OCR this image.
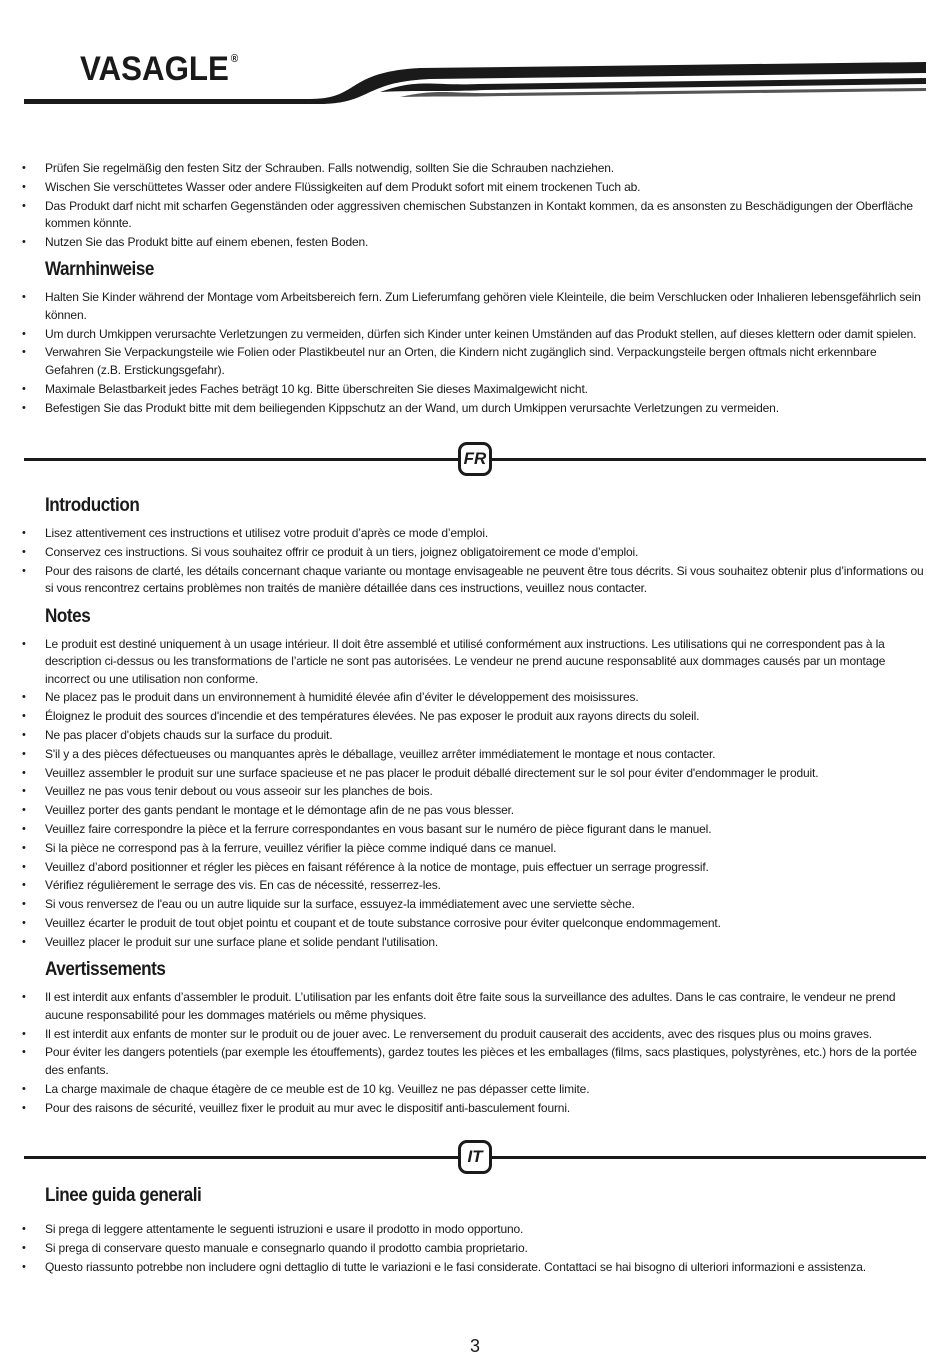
VASAGLE ®
• Prüfen Sie regelmäßig den festen Sitz der Schrauben. Falls notwendig, sollten Sie die Schrauben nachziehen.
• Wischen Sie verschüttetes Wasser oder andere Flüssigkeiten auf dem Produkt sofort mit einem trockenen Tuch ab.
• Das Produkt darf nicht mit scharfen Gegenständen oder aggressiven chemischen Substanzen in Kontakt kommen, da es ansonsten zu Beschädigungen der Oberfläche kommen könnte.
• Nutzen Sie das Produkt bitte auf einem ebenen, festen Boden.
Warnhinweise
• Halten Sie Kinder während der Montage vom Arbeitsbereich fern. Zum Lieferumfang gehören viele Kleinteile, die beim Verschlucken oder Inhalieren lebensgefährlich sein können.
• Um durch Umkippen verursachte Verletzungen zu vermeiden, dürfen sich Kinder unter keinen Umständen auf das Produkt stellen, auf dieses klettern oder damit spielen.
• Verwahren Sie Verpackungsteile wie Folien oder Plastikbeutel nur an Orten, die Kindern nicht zugänglich sind. Verpackungsteile bergen oftmals nicht erkennbare Gefahren (z.B. Erstickungsgefahr).
• Maximale Belastbarkeit jedes Faches beträgt 10 kg. Bitte überschreiten Sie dieses Maximalgewicht nicht.
• Befestigen Sie das Produkt bitte mit dem beiliegenden Kippschutz an der Wand, um durch Umkippen verursachte Verletzungen zu vermeiden.
FR
Introduction
• Lisez attentivement ces instructions et utilisez votre produit d’après ce mode d’emploi.
• Conservez ces instructions. Si vous souhaitez offrir ce produit à un tiers, joignez obligatoirement ce mode d’emploi.
• Pour des raisons de clarté, les détails concernant chaque variante ou montage envisageable ne peuvent être tous décrits. Si vous souhaitez obtenir plus d’informations ou si vous rencontrez certains problèmes non traités de manière détaillée dans ces instructions, veuillez nous contacter.
Notes
• Le produit est destiné uniquement à un usage intérieur. Il doit être assemblé et utilisé conformément aux instructions. Les utilisations qui ne correspondent pas à la description ci-dessus ou les transformations de l’article ne sont pas autorisées. Le vendeur ne prend aucune responsablité aux dommages causés par un montage incorrect ou une utilisation non conforme.
• Ne placez pas le produit dans un environnement à humidité élevée afin d’éviter le développement des moisissures.
• Éloignez le produit des sources d'incendie et des températures élevées. Ne pas exposer le produit aux rayons directs du soleil.
• Ne pas placer d'objets chauds sur la surface du produit.
• S'il y a des pièces défectueuses ou manquantes après le déballage, veuillez arrêter immédiatement le montage et nous contacter.
• Veuillez assembler le produit sur une surface spacieuse et ne pas placer le produit déballé directement sur le sol pour éviter d'endommager le produit.
• Veuillez ne pas vous tenir debout ou vous asseoir sur les planches de bois.
• Veuillez porter des gants pendant le montage et le démontage afin de ne pas vous blesser.
• Veuillez faire correspondre la pièce et la ferrure correspondantes en vous basant sur le numéro de pièce figurant dans le manuel.
• Si la pièce ne correspond pas à la ferrure, veuillez vérifier la pièce comme indiqué dans ce manuel.
• Veuillez d’abord positionner et régler les pièces en faisant référence à la notice de montage, puis effectuer un serrage progressif.
• Vérifiez régulièrement le serrage des vis. En cas de nécessité, resserrez-les.
• Si vous renversez de l'eau ou un autre liquide sur la surface, essuyez-la immédiatement avec une serviette sèche.
• Veuillez écarter le produit de tout objet pointu et coupant et de toute substance corrosive pour éviter quelconque endommagement.
• Veuillez placer le produit sur une surface plane et solide pendant l'utilisation.
Avertissements
• Il est interdit aux enfants d’assembler le produit. L’utilisation par les enfants doit être faite sous la surveillance des adultes. Dans le cas contraire, le vendeur ne prend aucune responsabilité pour les dommages matériels ou même physiques.
• Il est interdit aux enfants de monter sur le produit ou de jouer avec. Le renversement du produit causerait des accidents, avec des risques plus ou moins graves.
• Pour éviter les dangers potentiels (par exemple les étouffements), gardez toutes les pièces et les emballages (films, sacs plastiques, polystyrènes, etc.) hors de la portée des enfants.
• La charge maximale de chaque étagère de ce meuble est de 10 kg. Veuillez ne pas dépasser cette limite.
• Pour des raisons de sécurité, veuillez fixer le produit au mur avec le dispositif anti-basculement fourni.
IT
Linee guida generali
• Si prega di leggere attentamente le seguenti istruzioni e usare il prodotto in modo opportuno.
• Si prega di conservare questo manuale e consegnarlo quando il prodotto cambia proprietario.
• Questo riassunto potrebbe non includere ogni dettaglio di tutte le variazioni e le fasi considerate. Contattaci se hai bisogno di ulteriori informazioni e assistenza.
3
